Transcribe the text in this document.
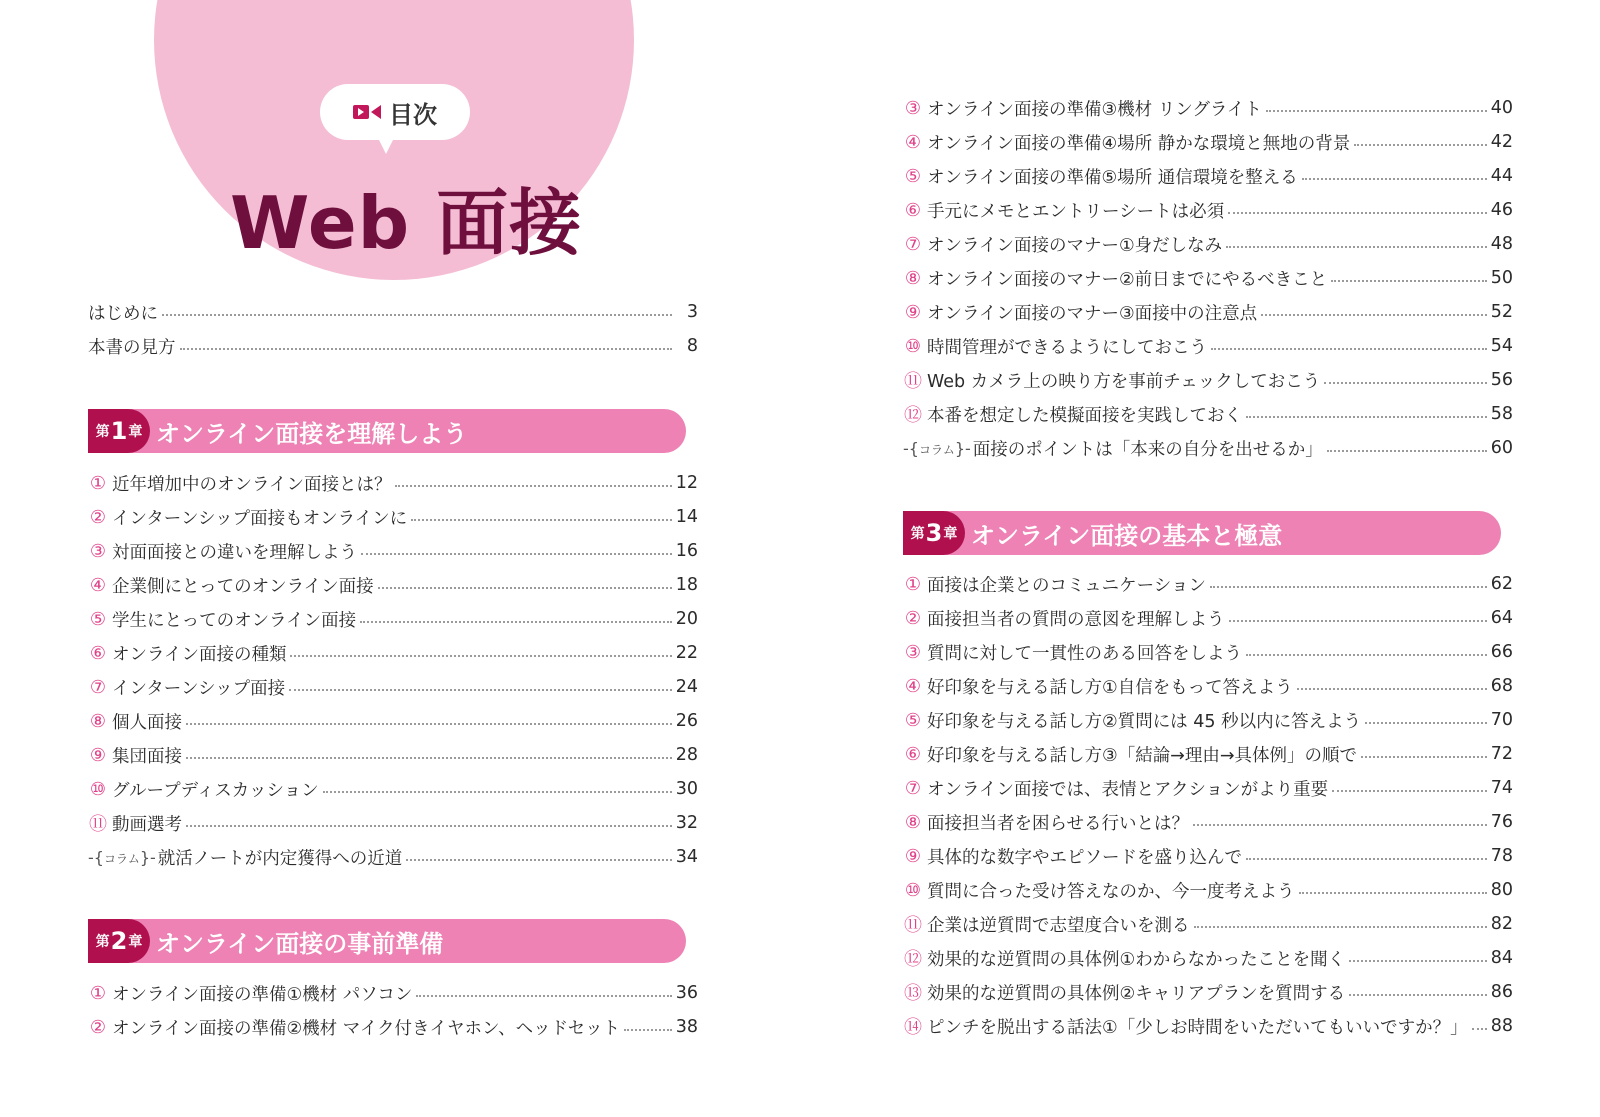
目次
Web 面接
はじめに	3
本書の見方	8
第 1 章 オンライン面接を理解しよう
① 近年増加中のオンライン面接とは？	12
② インターンシップ面接もオンラインに	14
③ 対面面接との違いを理解しよう	16
④ 企業側にとってのオンライン面接	18
⑤ 学生にとってのオンライン面接	20
⑥ オンライン面接の種類	22
⑦ インターンシップ面接	24
⑧ 個人面接	26
⑨ 集団面接	28
⑩ グループディスカッション	30
⑪ 動画選考	32
-{コラム}- 就活ノートが内定獲得への近道	34
第 2 章 オンライン面接の事前準備
① オンライン面接の準備①機材 パソコン	36
② オンライン面接の準備②機材 マイク付きイヤホン、ヘッドセット	38
③ オンライン面接の準備③機材 リングライト	40
④ オンライン面接の準備④場所 静かな環境と無地の背景	42
⑤ オンライン面接の準備⑤場所 通信環境を整える	44
⑥ 手元にメモとエントリーシートは必須	46
⑦ オンライン面接のマナー①身だしなみ	48
⑧ オンライン面接のマナー②前日までにやるべきこと	50
⑨ オンライン面接のマナー③面接中の注意点	52
⑩ 時間管理ができるようにしておこう	54
⑪ Web カメラ上の映り方を事前チェックしておこう	56
⑫ 本番を想定した模擬面接を実践しておく	58
-{コラム}- 面接のポイントは「本来の自分を出せるか」	60
第 3 章 オンライン面接の基本と極意
① 面接は企業とのコミュニケーション	62
② 面接担当者の質問の意図を理解しよう	64
③ 質問に対して一貫性のある回答をしよう	66
④ 好印象を与える話し方①自信をもって答えよう	68
⑤ 好印象を与える話し方②質問には 45 秒以内に答えよう	70
⑥ 好印象を与える話し方③「結論→理由→具体例」の順で	72
⑦ オンライン面接では、表情とアクションがより重要	74
⑧ 面接担当者を困らせる行いとは？	76
⑨ 具体的な数字やエピソードを盛り込んで	78
⑩ 質問に合った受け答えなのか、今一度考えよう	80
⑪ 企業は逆質問で志望度合いを測る	82
⑫ 効果的な逆質問の具体例①わからなかったことを聞く	84
⑬ 効果的な逆質問の具体例②キャリアプランを質問する	86
⑭ ピンチを脱出する話法①「少しお時間をいただいてもいいですか？」 88
